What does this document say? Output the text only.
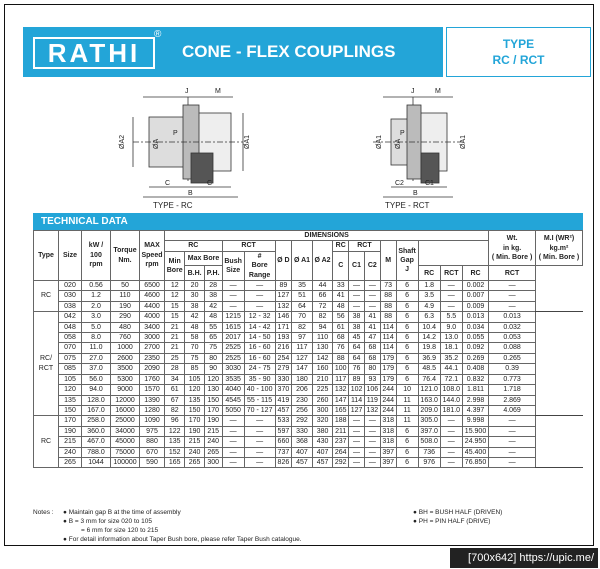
RATHI
®
CONE - FLEX COUPLINGS	TYPE
RC / RCT
J	M
ØA2	ØA	ØA1
C	C
B
P
J	M
ØA1 ØA	ØA1
C2	C1
B
P
TYPE - RC	TYPE - RCT
TECHNICAL DATA
Type	Size	kW /
100 rpm	Torque
Nm.	MAX
Speed
rpm	DIMENSIONS																Wt.
in kg.
( Min. Bore )	M.I (WR²)
kg.m²
( Min. Bore )
					RC			RCT		Ø D	Ø A1	Ø A2	RC	RCT		M	Shaft
Gap
J					
					Min
Bore	Max Bore		Bush
Size	#
Bore
Range				C	C1	C2							
						B.H.	P.H.											RC	RCT	RC	RCT	
RC	020	0.56	50	6500	12	20	28	—	—	89	35	44	33	—	—	73	6	1.8	—	0.002	—	
	030	1.2	110	4600	12	30	38	—	—	127	51	66	41	—	—	88	6	3.5	—	0.007	—	
	038	2.0	190	4400	15	38	42	—	—	132	64	72	48	—	—	88	6	4.9	—	0.009	—	
RC/
RCT	042	3.0	290	4000	15	42	48	1215	12 - 32	146	70	82	56	38	41	88	6	6.3	5.5	0.013	0.013	
	048	5.0	480	3400	21	48	55	1615	14 - 42	171	82	94	61	38	41	114	6	10.4	9.0	0.034	0.032	
	058	8.0	760	3000	21	58	65	2017	14 - 50	193	97	110	68	45	47	114	6	14.2	13.0	0.055	0.053	
	070	11.0	1000	2700	21	70	75	2525	16 - 60	216	117	130	76	64	68	114	6	19.8	18.1	0.092	0.088	
	075	27.0	2600	2350	25	75	80	2525	16 - 60	254	127	142	88	64	68	179	6	36.9	35.2	0.269	0.265	
	085	37.0	3500	2090	28	85	90	3030	24 - 75	279	147	160	100	76	80	179	6	48.5	44.1	0.408	0.39	
	105	56.0	5300	1760	34	105	120	3535	35 - 90	330	180	210	117	89	93	179	6	76.4	72.1	0.832	0.773	
	120	94.0	9000	1570	61	120	130	4040	40 - 100	370	206	225	132	102	106	244	10	121.0	108.0	1.811	1.718	
	135	128.0	12000	1390	67	135	150	4545	55 - 115	419	230	260	147	114	119	244	11	163.0	144.0	2.998	2.869	
	150	167.0	16000	1280	82	150	170	5050	70 - 127	457	256	300	165	127	132	244	11	209.0	181.0	4.397	4.069	
RC	170	258.0	25000	1090	96	170	190	—	—	533	292	320	188	—	—	318	11	305.0	—	9.998	—	
	190	360.0	34000	975	122	190	215	—	—	597	330	380	211	—	—	318	6	397.0	—	15.900	—	
	215	467.0	45000	880	135	215	240	—	—	660	368	430	237	—	—	318	6	508.0	—	24.950	—	
	240	788.0	75000	670	152	240	265	—	—	737	407	407	264	—	—	397	6	736	—	45.400	—	
	265	1044	100000	590	165	265	300	—	—	826	457	457	292	—	—	397	6	976	—	76.850	—	
Notes : ● Maintain gap B at the time of assembly
● B = 3 mm for size 020 to 105
= 6 mm for size 120 to 215
● For detail information about Taper Bush bore, please refer Taper Bush catalogue.
● BH = BUSH HALF (DRIVEN)
● PH = PIN HALF (DRIVE)
[700x642] https://upic.me/
